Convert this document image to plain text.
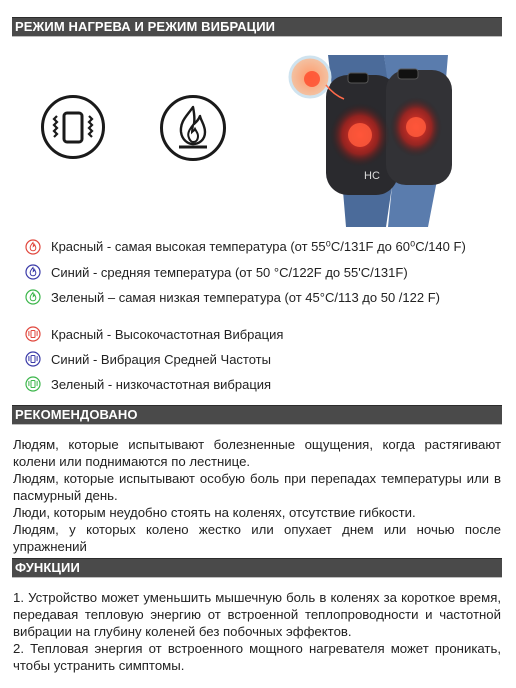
РЕЖИМ НАГРЕВА И РЕЖИМ ВИБРАЦИИ
HC
Красный - самая высокая температура (от 55⁰C/131F до 60⁰C/140 F)
Синий - средняя температура (от 50 °C/122F до 55'C/131F)
Зеленый – самая низкая температура (от 45°C/113 до 50 /122 F)
Красный - Высокочастотная Вибрация
Синий - Вибрация Средней Частоты
Зеленый - низкочастотная вибрация
РЕКОМЕНДОВАНО
Людям, которые испытывают болезненные ощущения, когда растягивают колени или поднимаются по лестнице.
Людям, которые испытывают особую боль при перепадах температуры или в пасмурный день.
Люди, которым неудобно стоять на коленях, отсутствие гибкости.
Людям, у которых колено жестко или опухает днем или ночью после упражнений
ФУНКЦИИ
1. Устройство может уменьшить мышечную боль в коленях за короткое время, передавая тепловую энергию от встроенной теплопроводности и частотной вибрации на глубину коленей без побочных эффектов.
2. Тепловая энергия от встроенного мощного нагревателя может проникать, чтобы устранить симптомы.
